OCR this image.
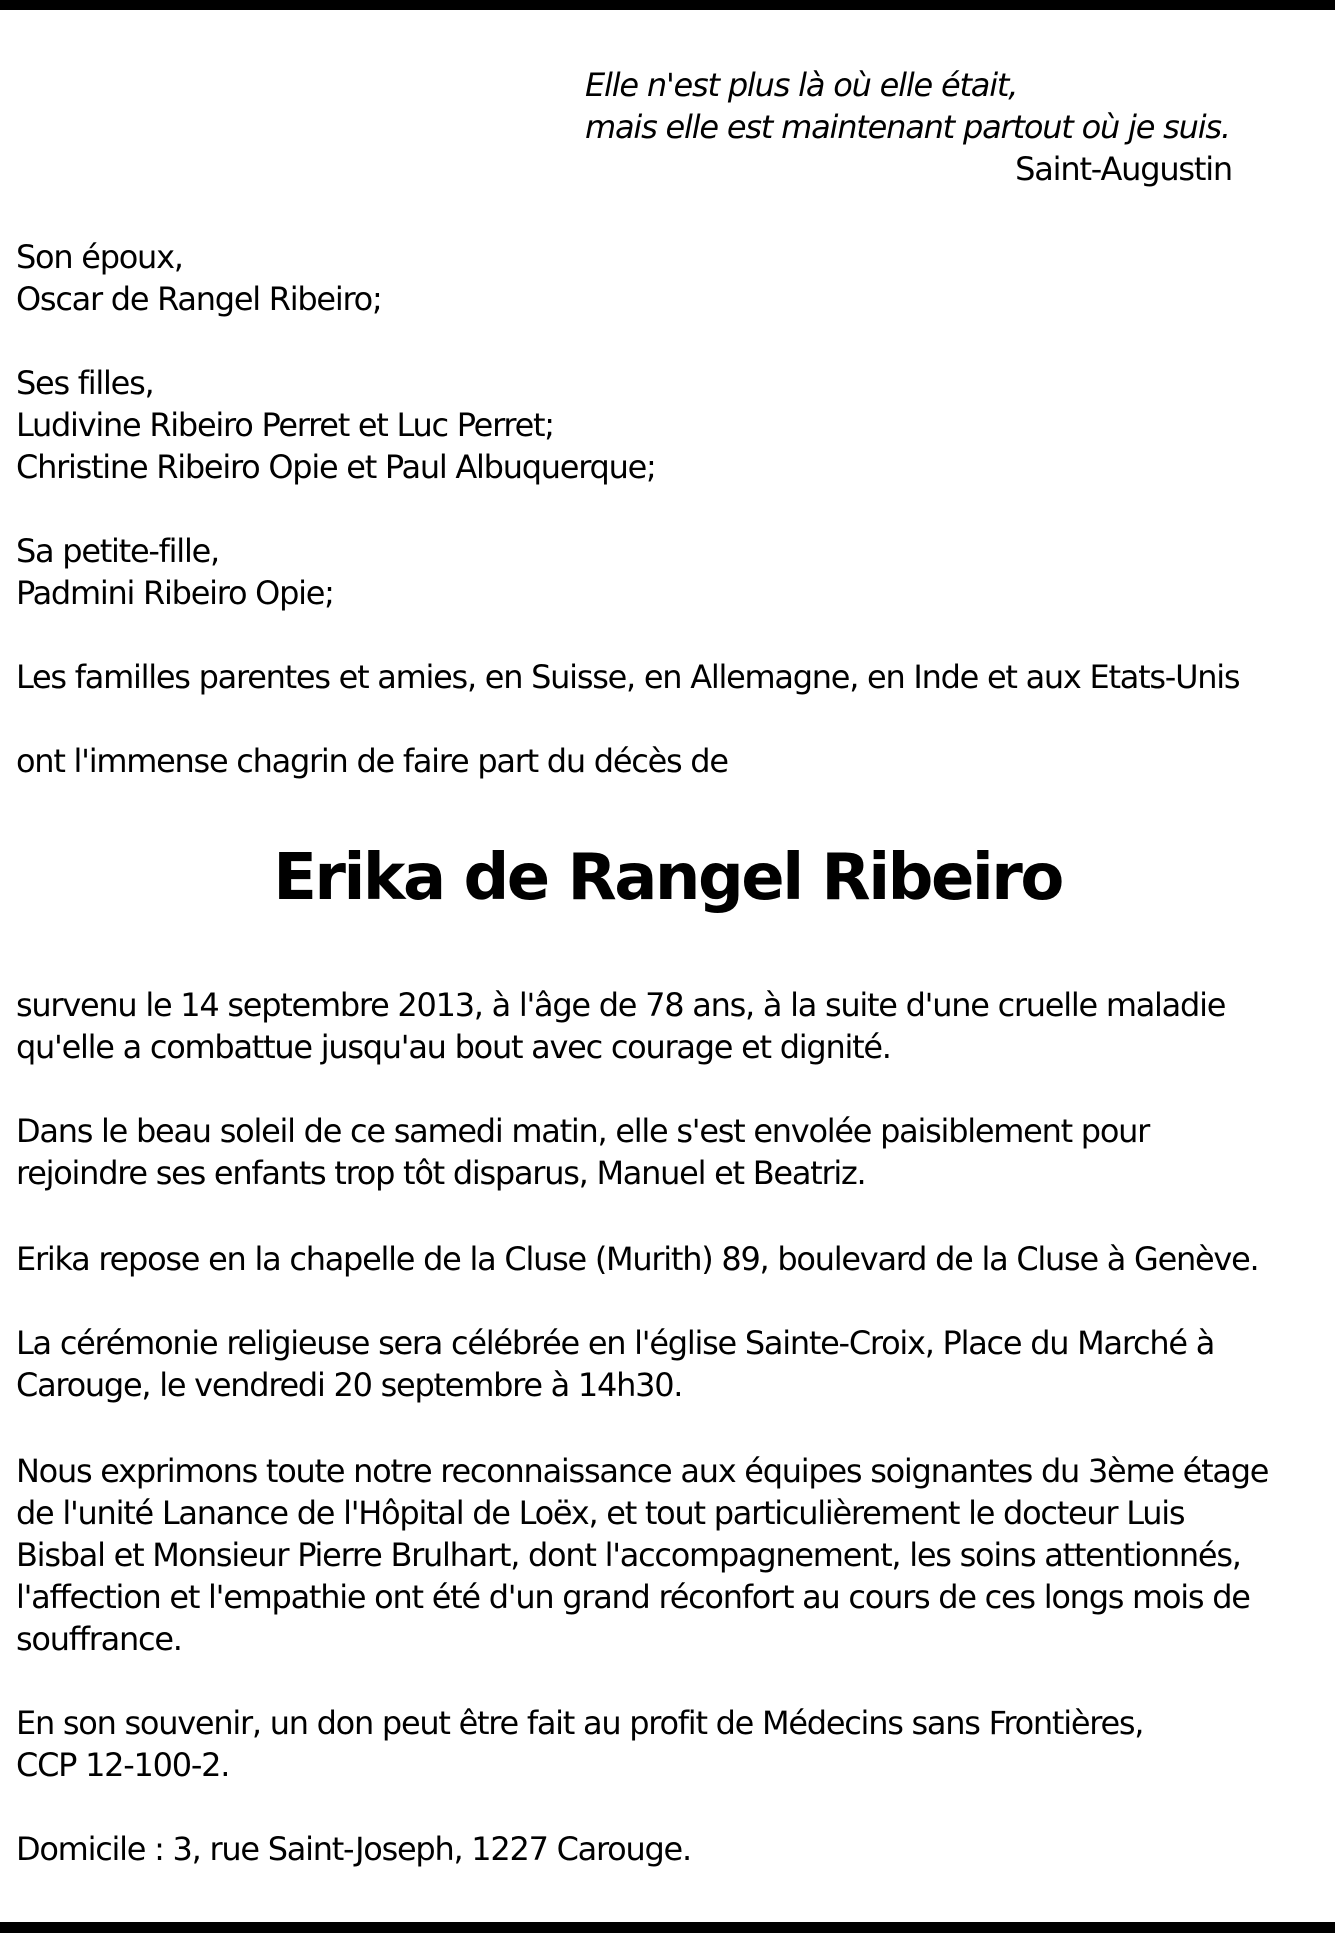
Elle n'est plus là où elle était,
mais elle est maintenant partout où je suis.
Saint-Augustin
Son époux,
Oscar de Rangel Ribeiro;
Ses filles,
Ludivine Ribeiro Perret et Luc Perret;
Christine Ribeiro Opie et Paul Albuquerque;
Sa petite-fille,
Padmini Ribeiro Opie;
Les familles parentes et amies, en Suisse, en Allemagne, en Inde et aux Etats-Unis
ont l'immense chagrin de faire part du décès de
Erika de Rangel Ribeiro
survenu le 14 septembre 2013, à l'âge de 78 ans, à la suite d'une cruelle maladie
qu'elle a combattue jusqu'au bout avec courage et dignité.
Dans le beau soleil de ce samedi matin, elle s'est envolée paisiblement pour
rejoindre ses enfants trop tôt disparus, Manuel et Beatriz.
Erika repose en la chapelle de la Cluse (Murith) 89, boulevard de la Cluse à Genève.
La cérémonie religieuse sera célébrée en l'église Sainte-Croix, Place du Marché à
Carouge, le vendredi 20 septembre à 14h30.
Nous exprimons toute notre reconnaissance aux équipes soignantes du 3ème étage
de l'unité Lanance de l'Hôpital de Loëx, et tout particulièrement le docteur Luis
Bisbal et Monsieur Pierre Brulhart, dont l'accompagnement, les soins attentionnés,
l'affection et l'empathie ont été d'un grand réconfort au cours de ces longs mois de
souffrance.
En son souvenir, un don peut être fait au profit de Médecins sans Frontières,
CCP 12-100-2.
Domicile : 3, rue Saint-Joseph, 1227 Carouge.
